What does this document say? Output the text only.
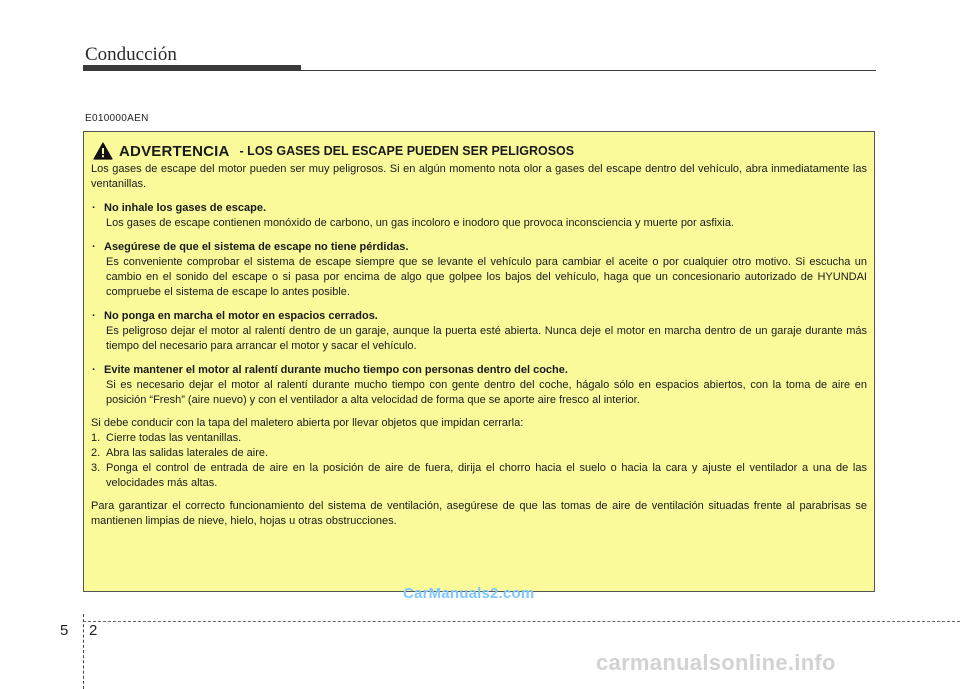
Conducción
E010000AEN
ADVERTENCIA - LOS GASES DEL ESCAPE PUEDEN SER PELIGROSOS
Los gases de escape del motor pueden ser muy peligrosos. Si en algún momento nota olor a gases del escape dentro del vehículo, abra inmediatamente las ventanillas.
· No inhale los gases de escape.
Los gases de escape contienen monóxido de carbono, un gas incoloro e inodoro que provoca inconsciencia y muerte por asfixia.
· Asegúrese de que el sistema de escape no tiene pérdidas.
Es conveniente comprobar el sistema de escape siempre que se levante el vehículo para cambiar el aceite o por cualquier otro motivo. Si escucha un cambio en el sonido del escape o si pasa por encima de algo que golpee los bajos del vehículo, haga que un concesionario autorizado de HYUNDAI compruebe el sistema de escape lo antes posible.
· No ponga en marcha el motor en espacios cerrados.
Es peligroso dejar el motor al ralentí dentro de un garaje, aunque la puerta esté abierta. Nunca deje el motor en marcha dentro de un garaje durante más tiempo del necesario para arrancar el motor y sacar el vehículo.
· Evite mantener el motor al ralentí durante mucho tiempo con personas dentro del coche.
Si es necesario dejar el motor al ralentí durante mucho tiempo con gente dentro del coche, hágalo sólo en espacios abiertos, con la toma de aire en posición “Fresh” (aire nuevo) y con el ventilador a alta velocidad de forma que se aporte aire fresco al interior.
Si debe conducir con la tapa del maletero abierta por llevar objetos que impidan cerrarla:
1. Cierre todas las ventanillas.
2. Abra las salidas laterales de aire.
3. Ponga el control de entrada de aire en la posición de aire de fuera, dirija el chorro hacia el suelo o hacia la cara y ajuste el ventilador a una de las velocidades más altas.
Para garantizar el correcto funcionamiento del sistema de ventilación, asegúrese de que las tomas de aire de ventilación situadas frente al parabrisas se mantienen limpias de nieve, hielo, hojas u otras obstrucciones.
CarManuals2.com
5 2
carmanualsonline.info
